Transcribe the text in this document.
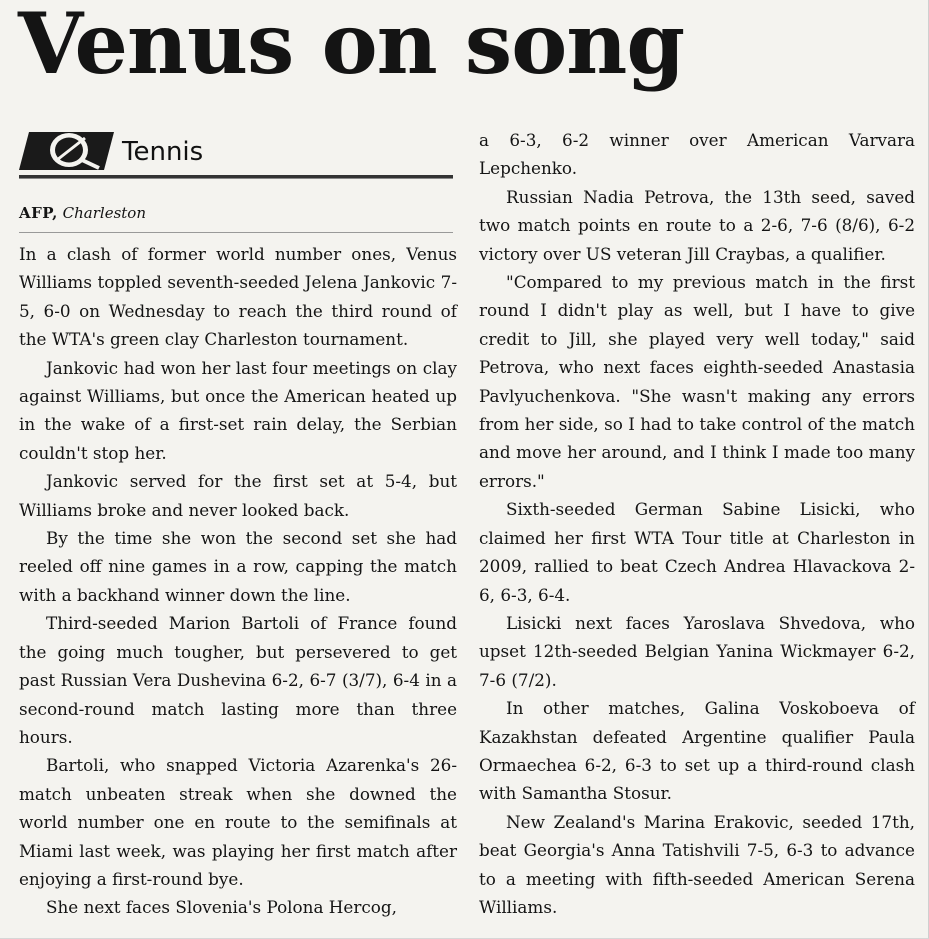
Venus on song
Tennis
AFP, Charleston

In a clash of former world number ones, Venus Williams toppled seventh-seeded Jelena Jankovic 7-5, 6-0 on Wednesday to reach the third round of the WTA's green clay Charleston tournament.

Jankovic had won her last four meetings on clay against Williams, but once the American heated up in the wake of a first-set rain delay, the Serbian couldn't stop her.

Jankovic served for the first set at 5-4, but Williams broke and never looked back.

By the time she won the second set she had reeled off nine games in a row, capping the match with a backhand winner down the line.

Third-seeded Marion Bartoli of France found the going much tougher, but persevered to get past Russian Vera Dushevina 6-2, 6-7 (3/7), 6-4 in a second-round match lasting more than three hours.

Bartoli, who snapped Victoria Azarenka's 26-match unbeaten streak when she downed the world number one en route to the semifinals at Miami last week, was playing her first match after enjoying a first-round bye.

She next faces Slovenia's Polona Hercog,

a 6-3, 6-2 winner over American Varvara Lepchenko.

Russian Nadia Petrova, the 13th seed, saved two match points en route to a 2-6, 7-6 (8/6), 6-2 victory over US veteran Jill Craybas, a qualifier.

"Compared to my previous match in the first round I didn't play as well, but I have to give credit to Jill, she played very well today," said Petrova, who next faces eighth-seeded Anastasia Pavlyuchenkova. "She wasn't making any errors from her side, so I had to take control of the match and move her around, and I think I made too many errors."

Sixth-seeded German Sabine Lisicki, who claimed her first WTA Tour title at Charleston in 2009, rallied to beat Czech Andrea Hlavackova 2-6, 6-3, 6-4.

Lisicki next faces Yaroslava Shvedova, who upset 12th-seeded Belgian Yanina Wickmayer 6-2, 7-6 (7/2).

In other matches, Galina Voskoboeva of Kazakhstan defeated Argentine qualifier Paula Ormaechea 6-2, 6-3 to set up a third-round clash with Samantha Stosur.

New Zealand's Marina Erakovic, seeded 17th, beat Georgia's Anna Tatishvili 7-5, 6-3 to advance to a meeting with fifth-seeded American Serena Williams.
